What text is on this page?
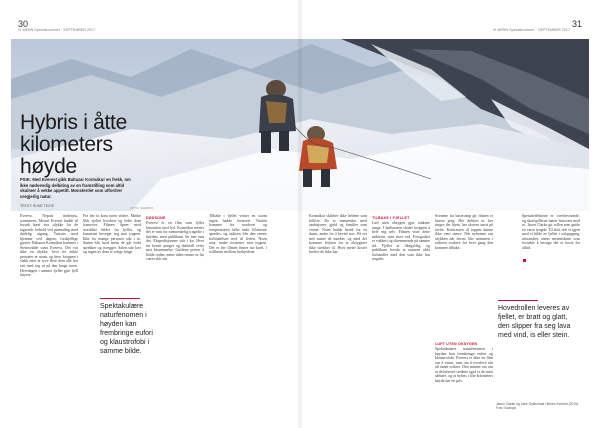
30
VI MENN Spesialnummer · SEPTEMBER 2017
31
VI MENN Spesialnummer · SEPTEMBER 2017
Hybris i åtte
kilometers
høyde
PSIK: Med Everest gikk Baltazar Kormákur en frekk, om ikke nødvendig delbiting av en framstilling som altid skulmer å vekke appetitt. Monsterdet som utfordrer uregjerlig natur.
TEKST: RUNE TEIGE	FOTO: SCANPIX
Everest, Nepals tinderuss, sommeren. Mount Everest hadde til forsøk bæst stor ulykke for de tagarede forhold ved pinmaling med dødelig utgang. Turister med hjemme ved dagens forskjellige gjester. Baltazar Kormákur kommer i Steinsvidde samt Everest. Det var ikke en ulykke, hvor tre enkle personer er utsatt og fører kroppen i slakk etter at tyve flere dem alle har tatt med seg ut på den lange turen. Hverdagen i samme fjellet gjør fjell høyere.
Fra leir to kom turen videre. Mørke fikk sjeltet hverken og ledet dem framover. Filmen åpner med storslåtte bilder fra fjellet, og kameraet beveger seg mot toppen. Ikke for mange personer står i ro. Snøen blir hard mens de går forbi sprekker og isvegger. Solen står lavt og ingen av dem er rolige lenge.
DØDSONE
Everest er en film som fyller kinosalen med lyd. Kormákur mener det er rom for menneskelig tragedie i høyden, men publikum får mer enn det. Ekspedisjonene står i kø. Hver tur koster penger og dødsfall veies mot berømmelse. Guidene prøver å holde orden, mens tiden renner ut før været slår om.
Tilbake i fjellet ventet en storm ingen hadde forutsett. Vinden kommer fra nordvest og temperaturen faller raskt. Klatrerne spredes, og radioen blir den eneste forbindelsen ned til leiren. Noen snur, andre fortsetter mot toppen. Det er her filmen finner sin kraft, i stillheten mellom beskjedene.
Kormákur skildrer ikke heltene som feilfrie. De er mennesker med ambisjoner, gjeld og familier som venter. Noen hadde betalt for en drøm, andre for å bevise noe. På vei ned møter de mørket, og med det kommer frykten for at oksygenet ikke strekker til. Hver meter koster krefter de ikke har.
TILBAKE I FJELLET
Luft uten oksygen gjør tankene tunge. I dødssonen slutter kroppen å hele seg selv. Filmen viser dette nøkternt, uten store ord. Fotografiet er vakkert og skremmende på samme tid. Fjellet er likegyldig, og publikum forstår at naturen aldri forhandler med den som ikke har respekt.
Scenene fra basecamp gir filmen et lunere preg. Her drikkes te, her ringes det hjem, her skrives navn på tavler. Kontrasten til toppen kunne ikke vært større. Når nyhetene om ulykken når leiren, blir stemmen i radioen svakere for hver gang den kommer tilbake.
LUFT UTEN OKSYGEN
Spektakulære naturfenomen i høyden kan frembringe eufori og klaustrofobi. Everest er ikke en film om å vinne, men om å overleve når alt annet svikter. Den minner oss om at de høyeste stedene også er de mest sårbare, og at hybris i åtte kilometers høyde har en pris.
Spesialeffektene er overbevisende, og skuespillerne bærer historien med ro. Jason Clarke gir rollen som guide en varm tyngde. Til slutt står vi igjen med et bilde av fjellet i soloppgang, uforandret, mens menneskene som forsøkte å bestige det er borte for alltid.
Spektakulære naturfenomen i høyden kan frembringe eufori og klaustrofobi i samme bilde.
Hovedrollen leveres av fjellet, er bratt og glatt, den slipper fra seg lava med vind, is eller stein.
Jason Clarke og Jake Gyllenhaal i filmen Everest (2015). Foto: Scanpix
